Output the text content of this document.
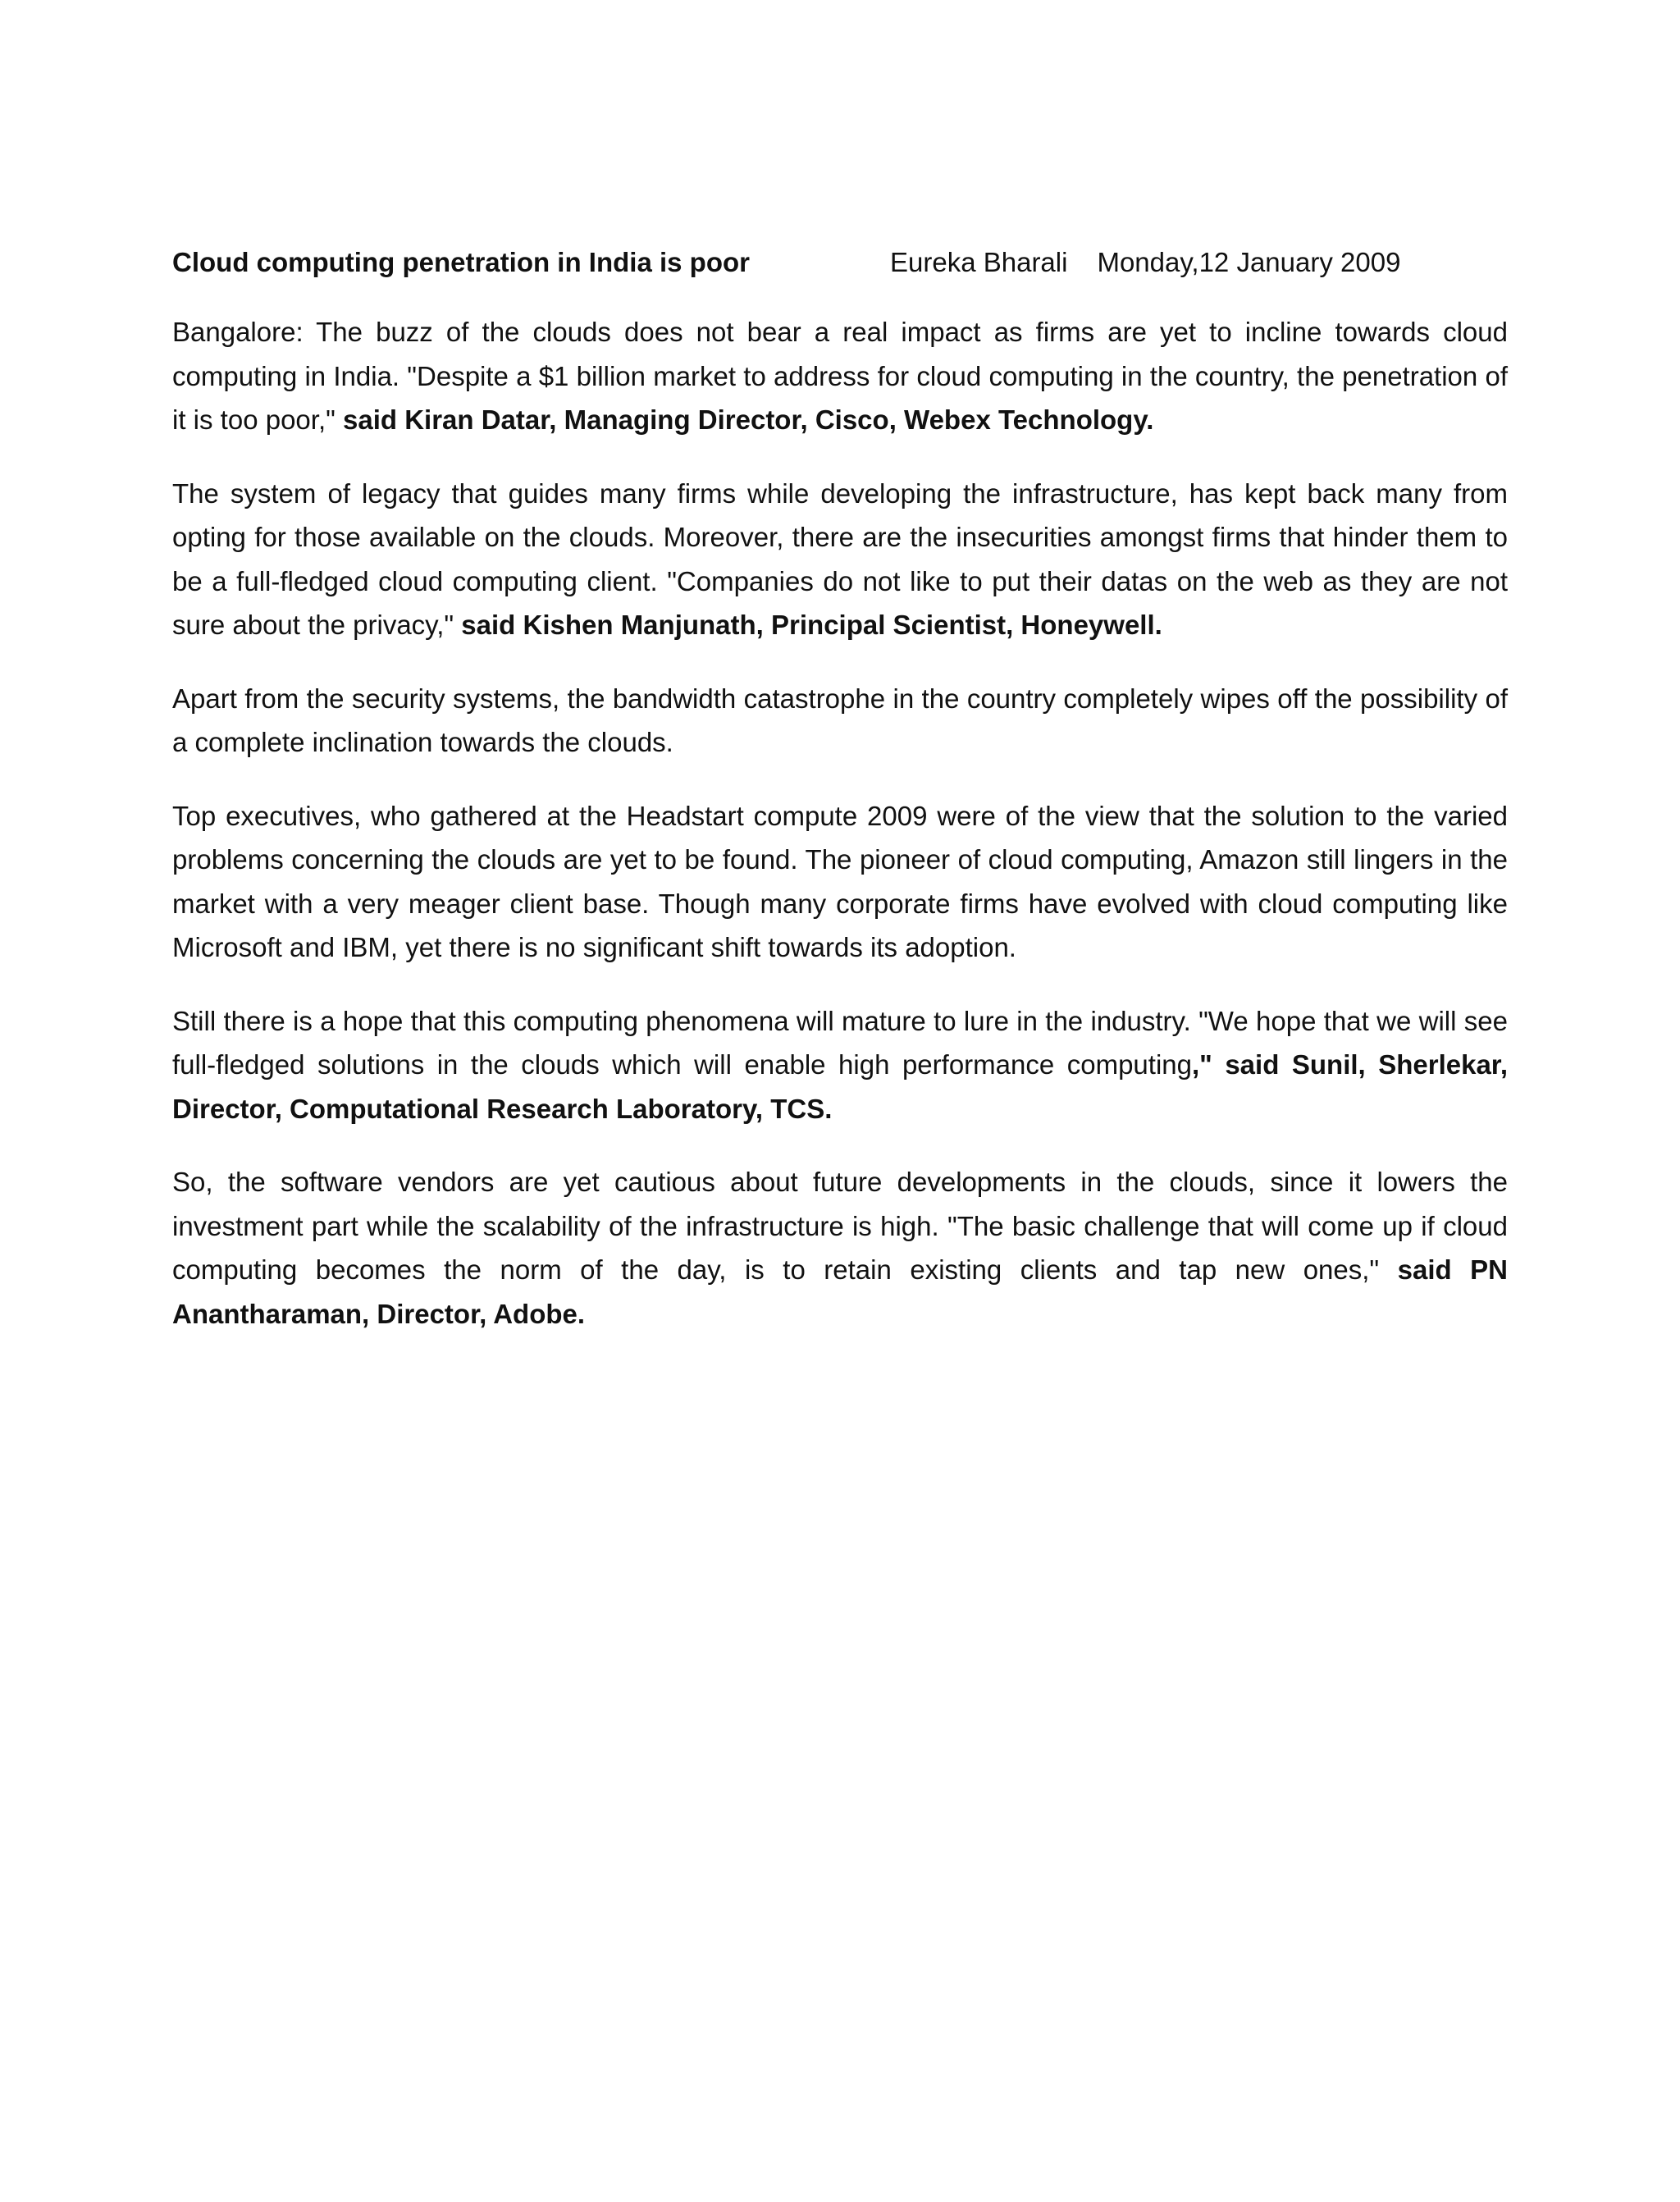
Cloud computing penetration in India is poor	Eureka Bharali Monday,12 January 2009

Bangalore: The buzz of the clouds does not bear a real impact as firms are yet to incline towards cloud computing in India. "Despite a $1 billion market to address for cloud computing in the country, the penetration of it is too poor," said Kiran Datar, Managing Director, Cisco, Webex Technology.

The system of legacy that guides many firms while developing the infrastructure, has kept back many from opting for those available on the clouds. Moreover, there are the insecurities amongst firms that hinder them to be a full-fledged cloud computing client. "Companies do not like to put their datas on the web as they are not sure about the privacy," said Kishen Manjunath, Principal Scientist, Honeywell.

Apart from the security systems, the bandwidth catastrophe in the country completely wipes off the possibility of a complete inclination towards the clouds.

Top executives, who gathered at the Headstart compute 2009 were of the view that the solution to the varied problems concerning the clouds are yet to be found. The pioneer of cloud computing, Amazon still lingers in the market with a very meager client base. Though many corporate firms have evolved with cloud computing like Microsoft and IBM, yet there is no significant shift towards its adoption.

Still there is a hope that this computing phenomena will mature to lure in the industry. "We hope that we will see full-fledged solutions in the clouds which will enable high performance computing," said Sunil, Sherlekar, Director, Computational Research Laboratory, TCS.

So, the software vendors are yet cautious about future developments in the clouds, since it lowers the investment part while the scalability of the infrastructure is high. "The basic challenge that will come up if cloud computing becomes the norm of the day, is to retain existing clients and tap new ones," said PN Anantharaman, Director, Adobe.
